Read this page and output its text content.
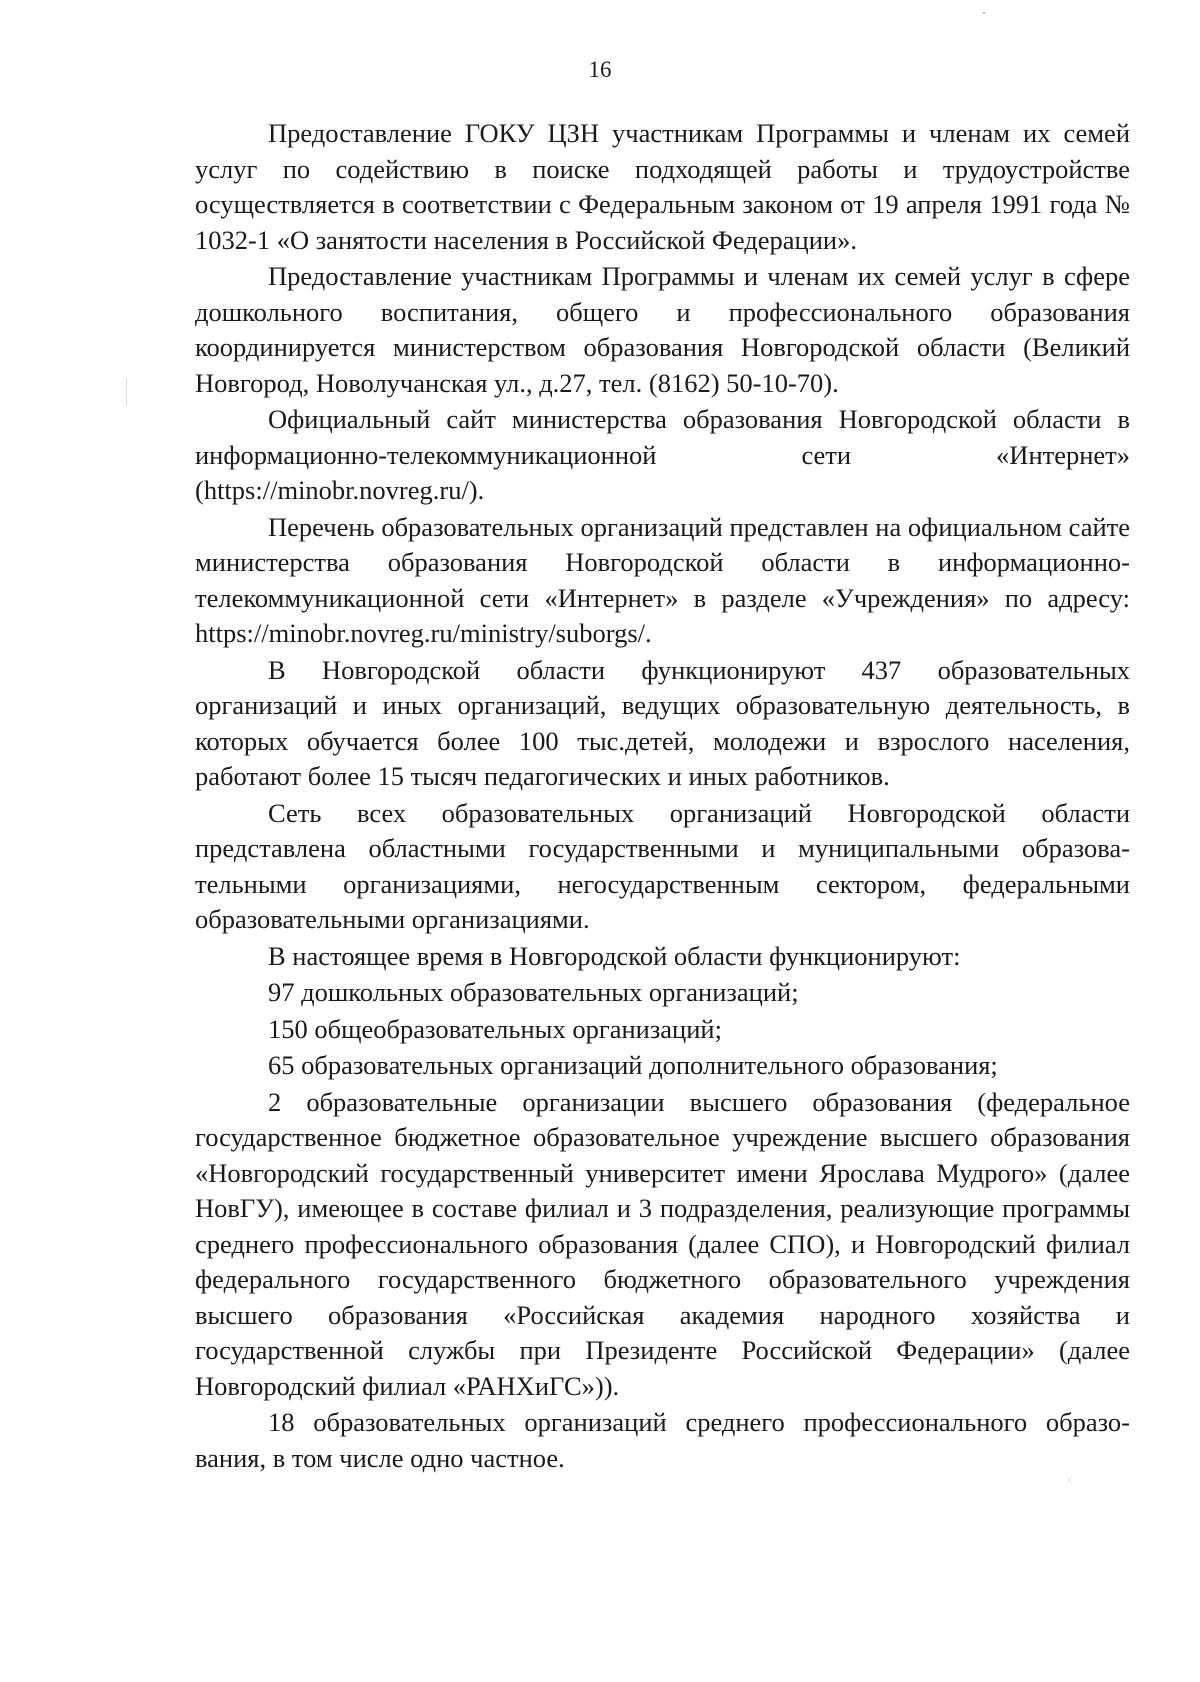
16

Предоставление ГОКУ ЦЗН участникам Программы и членам их семей услуг по содействию в поиске подходящей работы и трудоустройстве осуществляется в соответствии с Федеральным законом от 19 апреля 1991 года № 1032-1 «О занятости населения в Российской Федерации».

Предоставление участникам Программы и членам их семей услуг в сфере дошкольного воспитания, общего и профессионального образования координируется министерством образования Новгородской области (Великий Новгород, Новолучанская ул., д.27, тел. (8162) 50-10-70).

Официальный сайт министерства образования Новгородской области в информационно-телекоммуникационной сети «Интернет» (https://minobr.novreg.ru/).

Перечень образовательных организаций представлен на официальном сайте министерства образования Новгородской области в информационно-телекоммуникационной сети «Интернет» в разделе «Учреждения» по адресу: https://minobr.novreg.ru/ministry/suborgs/.

В Новгородской области функционируют 437 образовательных организаций и иных организаций, ведущих образовательную деятельность, в которых обучается более 100 тыс.детей, молодежи и взрослого населения, работают более 15 тысяч педагогических и иных работников.

Сеть всех образовательных организаций Новгородской области представлена областными государственными и муниципальными образовательными организациями, негосударственным сектором, федеральными образовательными организациями.

В настоящее время в Новгородской области функционируют:

97 дошкольных образовательных организаций;

150 общеобразовательных организаций;

65 образовательных организаций дополнительного образования;

2 образовательные организации высшего образования (федеральное государственное бюджетное образовательное учреждение высшего образования «Новгородский государственный университет имени Ярослава Мудрого» (далее НовГУ), имеющее в составе филиал и 3 подразделения, реализующие программы среднего профессионального образования (далее СПО), и Новгородский филиал федерального государственного бюджетного образовательного учреждения высшего образования «Российская академия народного хозяйства и государственной службы при Президенте Российской Федерации» (далее Новгородский филиал «РАНХиГС»)).

18 образовательных организаций среднего профессионального образования, в том числе одно частное.
